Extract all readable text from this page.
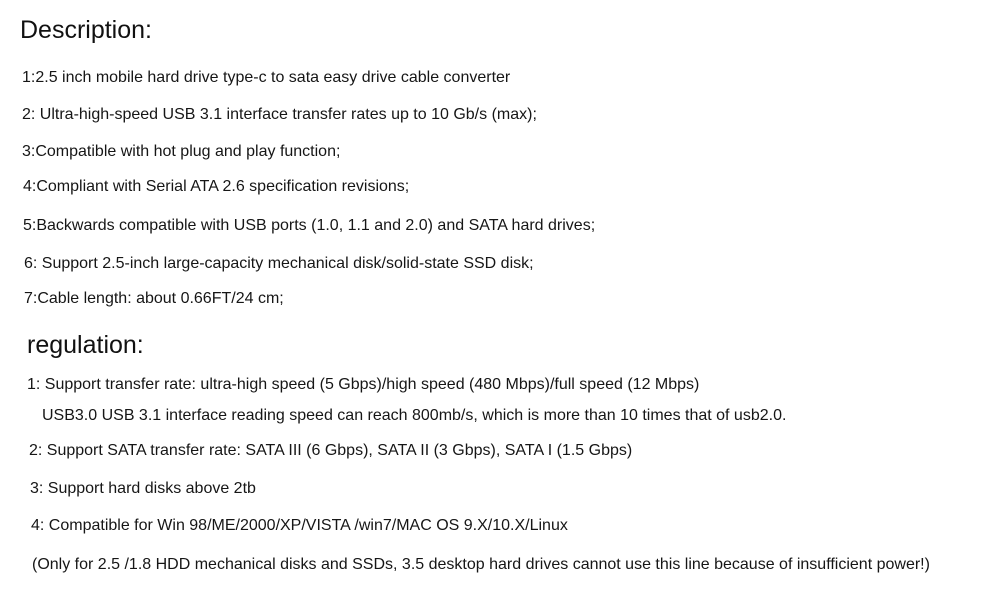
Description:

1:2.5 inch mobile hard drive type-c to sata easy drive cable converter

2: Ultra-high-speed USB 3.1 interface transfer rates up to 10 Gb/s (max);

3:Compatible with hot plug and play function;

4:Compliant with Serial ATA 2.6 specification revisions;

5:Backwards compatible with USB ports (1.0, 1.1 and 2.0) and SATA hard drives;

6: Support 2.5-inch large-capacity mechanical disk/solid-state SSD disk;

7:Cable length: about 0.66FT/24 cm;

regulation:

1: Support transfer rate: ultra-high speed (5 Gbps)/high speed (480 Mbps)/full speed (12 Mbps)

USB3.0 USB 3.1 interface reading speed can reach 800mb/s, which is more than 10 times that of usb2.0.

2: Support SATA transfer rate: SATA III (6 Gbps), SATA II (3 Gbps), SATA I (1.5 Gbps)

3: Support hard disks above 2tb

4: Compatible for Win 98/ME/2000/XP/VISTA /win7/MAC OS 9.X/10.X/Linux

(Only for 2.5 /1.8 HDD mechanical disks and SSDs, 3.5 desktop hard drives cannot use this line because of insufficient power!)
